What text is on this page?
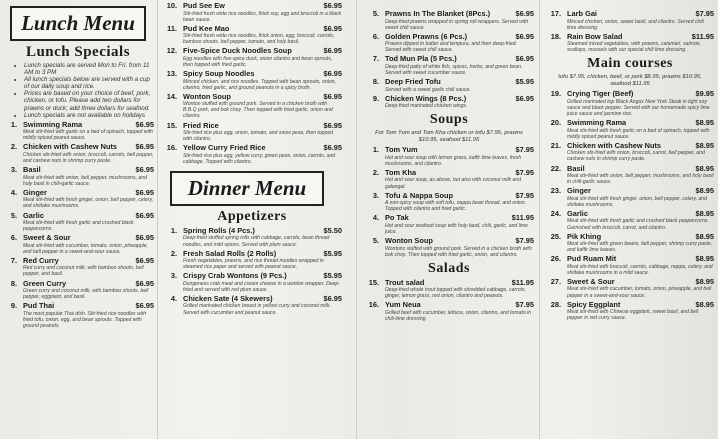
Lunch Menu
Lunch Specials
• Lunch specials are served Mon to Fri. from 11 AM to 3 PM
• All lunch specials below are served with a cup of our daily soup and rice.
• Prices are based on your choice of beef, pork, chicken, or tofu. Please add two dollars for prawns or duck; add three dollars for seafood.
• Lunch specials are not available on holidays
1. Swimming Rama	$6.95
Meat stir-fried with garlic on a bed of spinach, topped with mildly spiced peanut sauce.
2. Chicken with Cashew Nuts	$6.95
Chicken stir-fried with onion, broccoli, carrots, bell pepper, and cashew nuts in shrimp curry paste.
3. Basil	$6.95
Meat stir-fried with onion, bell pepper, mushrooms, and holy basil in chili-garlic sauce.
4. Ginger	$6.95
Meat stir-fried with fresh ginger, onion, bell pepper, celery, and shiitake mushrooms.
5. Garlic	$6.95
Meat stir-fried with fresh garlic and crushed black peppercorns.
6. Sweet & Sour	$6.95
Meat stir-fried with cucumber, tomato, onion, pineapple, and bell pepper in a sweet-and-sour sauce.
7. Red Curry	$6.95
Red curry and coconut milk, with bamboo shoots, bell pepper, and basil.
8. Green Curry	$6.95
Green curry and coconut milk, with bamboo shoots, bell pepper, eggplant, and basil.
9. Pud Thai	$6.95
The most popular Thai dish. Stir-fried rice noodles with fried tofu, onion, egg, and bean sprouts. Topped with ground peanuts.
10. Pud See Ew	$6.95
Stir-fried fresh wide rice noodles, thick soy, egg and broccoli in a black bean sauce.
11. Pud Kee Mao	$6.95
Stir-fried fresh wide rice noodles, thick onion, egg, broccoli, carrots, bamboo shoots, bell pepper, tomato, and holy basil.
12. Five-Spice Duck Noodles Soup	$6.95
Egg noodles with five-spice duck, onion cilantro and bean sprouts, then topped with fried garlic.
13. Spicy Soup Noodles	$6.95
Minced chicken, and rice noodles. Topped with bean sprouts, onion, cilantro, fried garlic, and ground peanuts in a spicy broth.
14. Wonton Soup	$6.95
Wonton stuffed with ground pork. Served in a chicken broth with B.B.Q pork, and bok choy. Then topped with fried garlic, onion and cilantro.
15. Fried Rice	$6.95
Stir-fried rice plus egg, onion, tomato, and snow peas, then topped with cilantro.
16. Yellow Curry Fried Rice	$6.95
Stir-fried rice plus egg, yellow curry, green peas, onion, carrots, and cabbage. Topped with cilantro.
Dinner Menu
Appetizers
1. Spring Rolls (4 Pcs.)	$5.50
Deep-fried stuffed spring rolls with cabbage, carrots, bean thread noodles, and mild spices. Served with plum sauce.
2. Fresh Salad Rolls (2 Rolls)	$5.95
Fresh vegetables, prawns, and rice thread noodles wrapped in steamed rice paper and served with peanut sauce.
3. Crispy Crab Wontons (9 Pcs.)	$5.95
Dungeness crab meat and cream cheese in a wonton wrapper. Deep-fried and served with red plum sauce.
4. Chicken Sate (4 Skewers)	$6.95
Grilled marinated chicken breast in yellow curry and coconut milk. Served with cucumber and peanut sauce.
5. Prawns In The Blanket (8Pcs.)	$6.95
Deep-fried prawns wrapped in spring roll wrappers. Served with sweet chili sauce.
6. Golden Prawns (6 Pcs.)	$6.95
Prawns dipped in batter and tempura, and then deep-fried. Served with sweet chili sauce.
7. Tod Mun Pla (5 Pcs.)	$6.95
Deep-fried patty of white fish, spices, herbs, and green bean. Served with sweet cucumber sauce.
8. Deep Fried Tofu	$5.95
Served with a sweet garlic chili sauce.
9. Chicken Wings (8 Pcs.)	$6.95
Deep-fried marinated chicken wings.
Soups
For Tom Yum and Tom Kha chicken or tofu $7.95, prawns $10.95, seafood $11.95
1. Tom Yum	$7.95
Hot and sour soup with lemon grass, kaffir lime leaves, fresh mushrooms, and cilantro.
2. Tom Kha	$7.95
Hot and sour soup, as above, but also with coconut milk and galangal.
3. Tofu & Nappa Soup	$7.95
A non-spicy soup with soft tofu, nappa bean thread, and onion. Topped with cilantro and fried garlic.
4. Po Tak	$11.95
Hot and sour seafood soup with holy basil, chili, garlic, and lime juice.
5. Wonton Soup	$7.95
Wontons stuffed with ground pork. Served in a chicken broth with bok choy. Then topped with fried garlic, onion, and cilantro.
Salads
15. Trout salad	$11.95
Deep-fried whole trout topped with shredded cabbage, carrots, ginger, lemon grass, red onion, cilantro and peanuts.
16. Yum Neua	$7.95
Grilled beef with cucumber, lettuce, onion, cilantro, and tomato in chili-lime dressing.
17. Larb Gai	$7.95
Minced chicken, onion, sweet basil, and cilantro. Served chili lime dressing.
18. Rain Bow Salad	$11.95
Steamed mixed vegetables, with prawns, calamari, salmon, scallops, mussels with our special chili lime dressing.
Main courses
tofu $7.95, chicken, beef, or pork $8.95, prawns $10.95, seafood $11.95
19. Crying Tiger (Beef)	$9.95
Grilled marinated top Black Angus New York Steak in light soy sauce and black pepper. Served with our homemade spicy lime juice sauce and jasmine rice.
20. Swimming Rama	$8.95
Meat stir-fried with fresh garlic on a bed of spinach, topped with mildly spiced peanut sauce.
21. Chicken with Cashew Nuts	$8.95
Chicken stir-fried with onion, broccoli, carrot, bell pepper, and cashew nuts in shrimp curry paste.
22. Basil	$8.95
Meat stir-fried with onion, bell pepper, mushrooms, and holy basil in chili-garlic sauce.
23. Ginger	$8.95
Meat stir-fried with fresh ginger, onion, bell pepper, celery, and shiitake mushrooms.
24. Garlic	$8.95
Meat stir-fried with fresh garlic and crushed black peppercorns. Garnished with broccoli, carrot, and cilantro.
25. Pik Khing	$8.95
Meat stir-fried with green beans, bell pepper, shrimp curry paste, and kaffir lime leaves.
26. Pud Ruam Mit	$8.95
Meat stir-fried with broccoli, carrots, cabbage, nappa, celery, and shiitake mushrooms in a mild sauce.
27. Sweet & Sour	$8.95
Meat stir-fried with cucumber, tomato, onion, pineapple, and bell pepper in a sweet-and-sour sauce.
28. Spicy Eggplant	$8.95
Meat stir-fried with Chinese eggplant, sweet basil, and bell pepper in red curry sauce.
